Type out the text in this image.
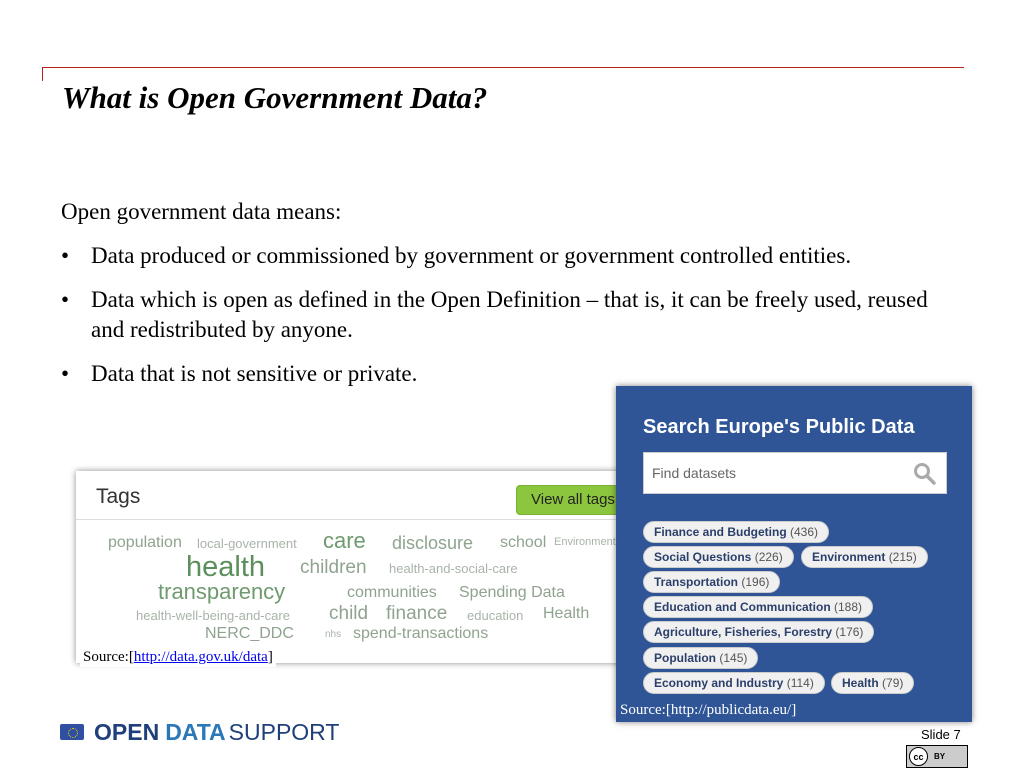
What is Open Government Data?

Open government data means:

• Data produced or commissioned by government or government controlled entities.
• Data which is open as defined in the Open Definition – that is, it can be freely used, reused and redistributed by anyone.
• Data that is not sensitive or private.
Tags	View all tags
population local-government care disclosure school Environment
health children health-and-social-care
transparency	communities Spending Data
health-well-being-and-care child finance education Health
NERC_DDC	nhs spend-transactions
Source:[http://data.gov.uk/data]
Search Europe's Public Data
Find datasets
Finance and Budgeting (436)
Social Questions (226)	Environment (215)
Transportation (196)
Education and Communication (188)
Agriculture, Fisheries, Forestry (176)
Population (145)
Economy and Industry (114)	Health (79)
Source:[http://publicdata.eu/]
OPEN DATA SUPPORT	Slide 7
cc	BY
